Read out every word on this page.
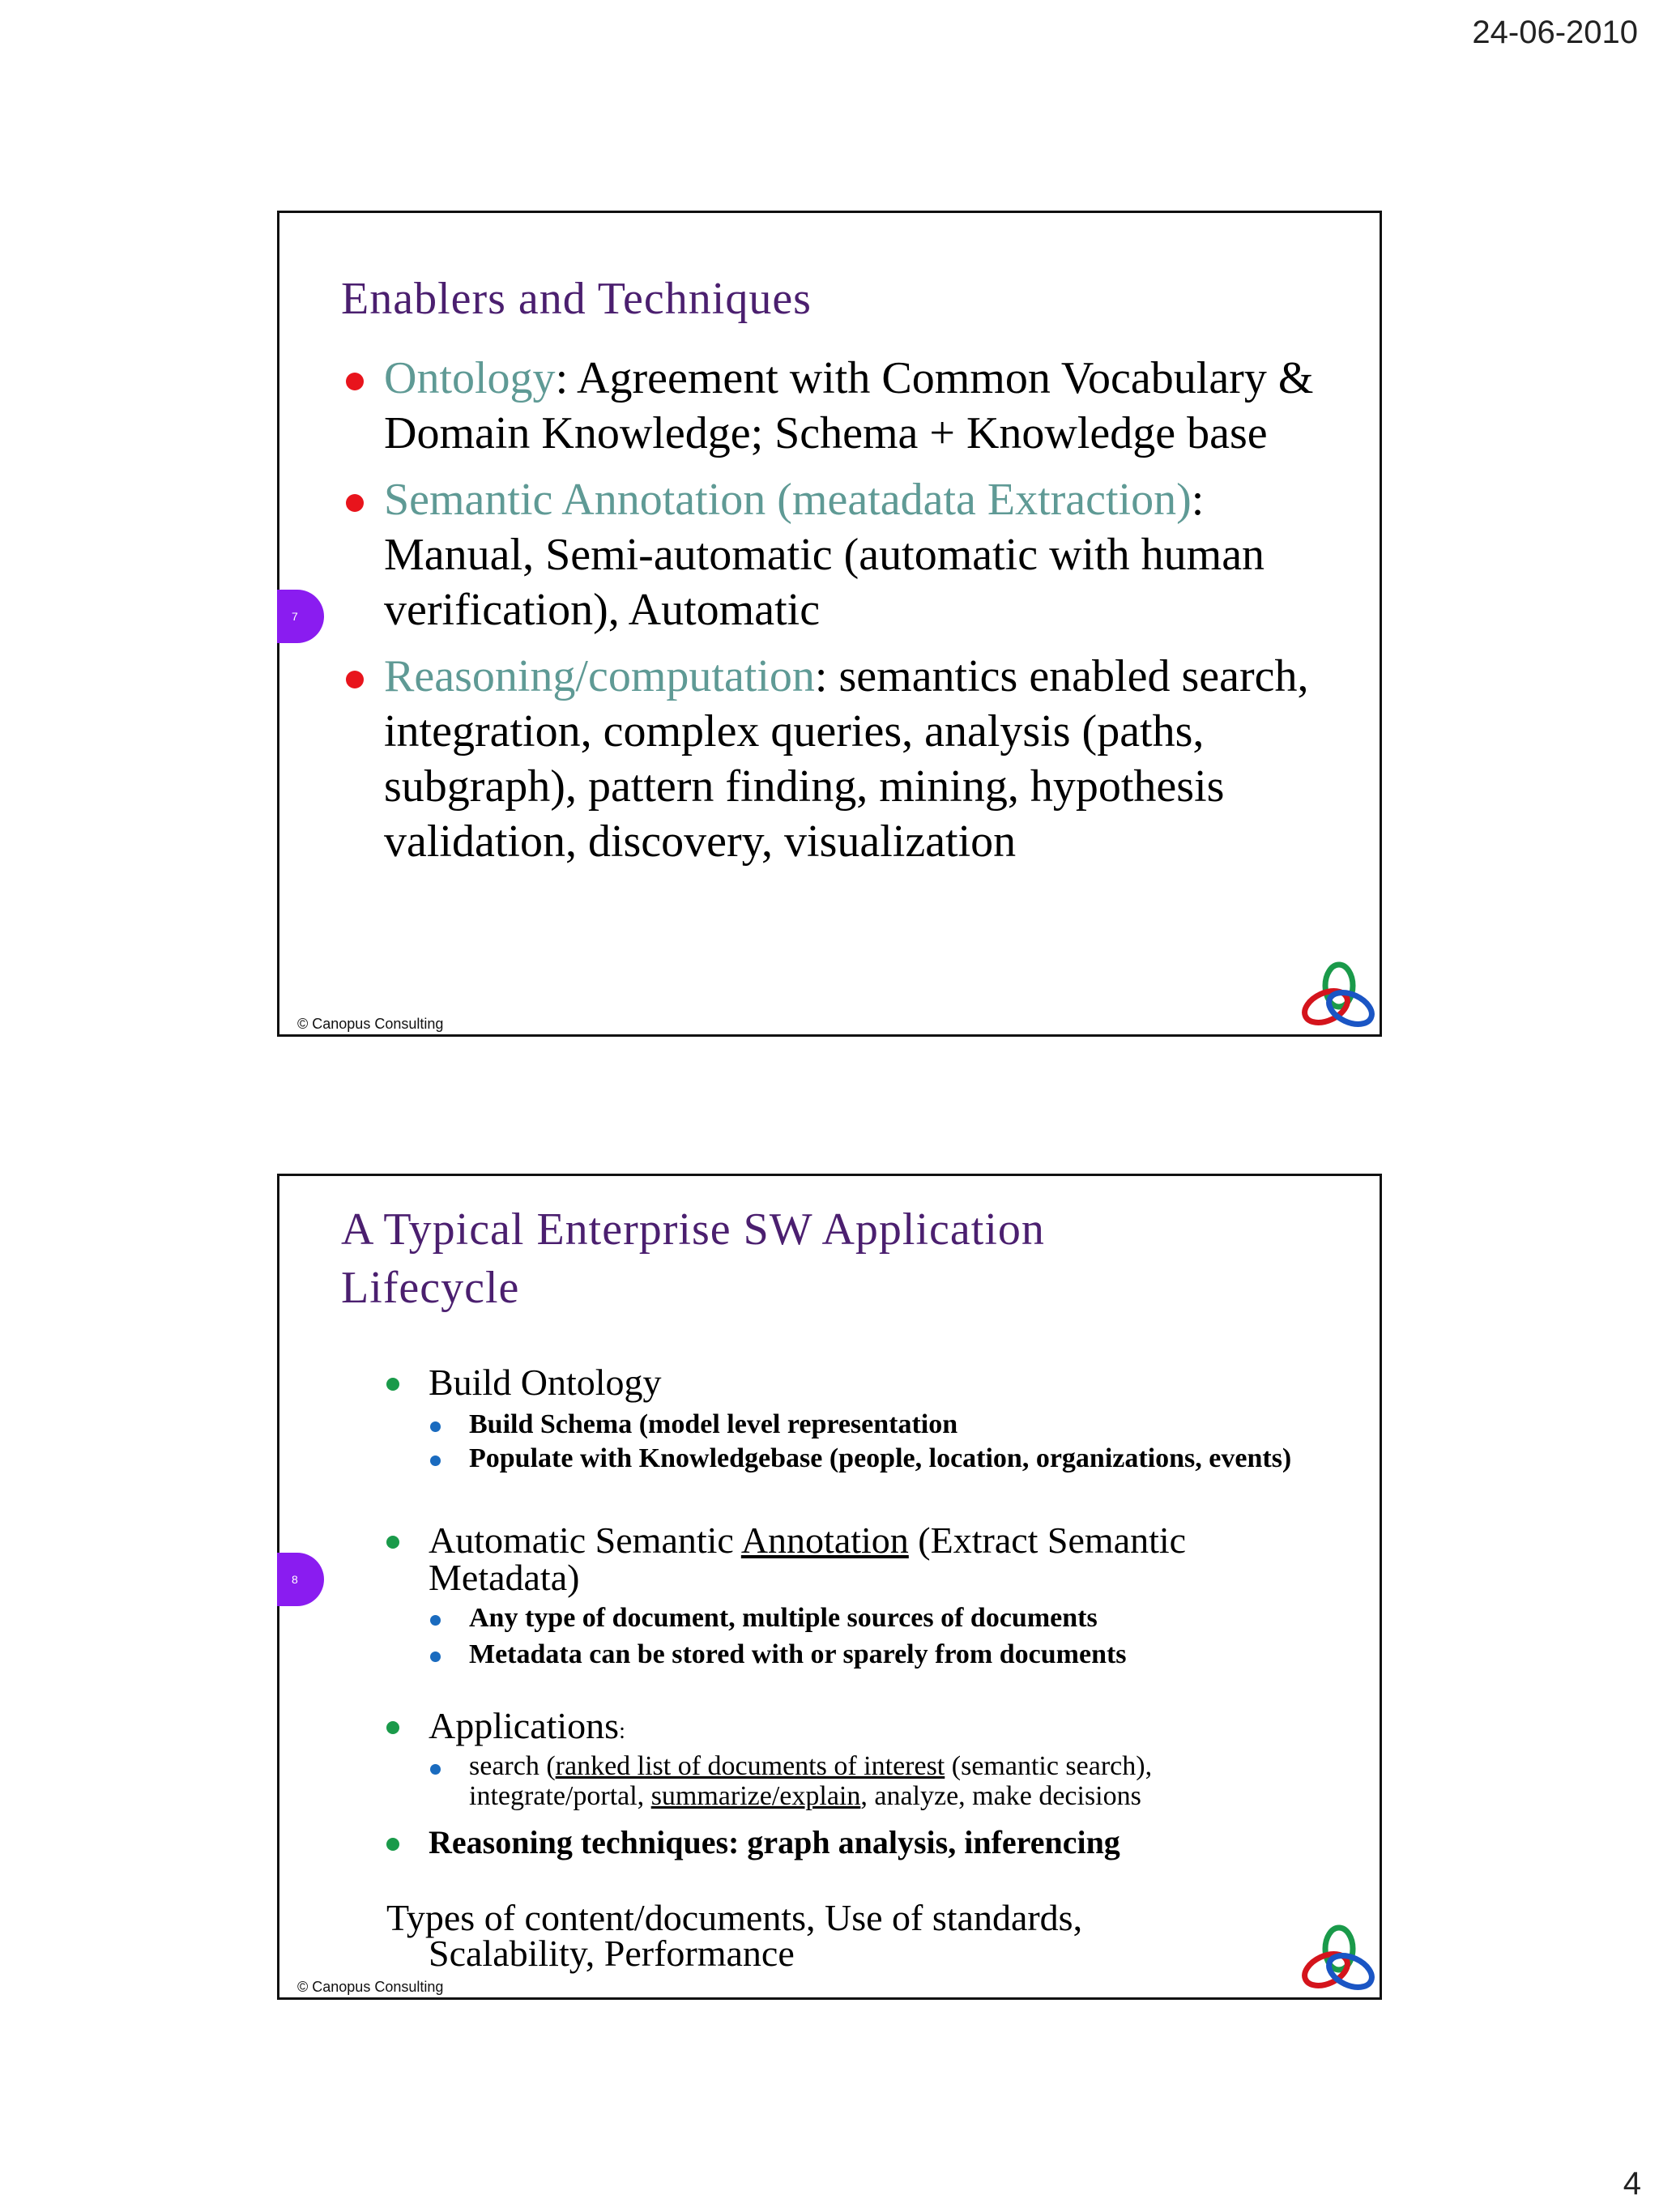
24-06-2010
Enablers and Techniques
Ontology: Agreement with Common Vocabulary & Domain Knowledge; Schema + Knowledge base
Semantic Annotation (meatadata Extraction): Manual, Semi-automatic (automatic with human verification), Automatic
Reasoning/computation: semantics enabled search, integration, complex queries, analysis (paths, subgraph), pattern finding, mining, hypothesis validation, discovery, visualization
7
© Canopus Consulting
A Typical Enterprise SW Application
Lifecycle
Build Ontology
Build Schema (model level representation
Populate with Knowledgebase (people, location, organizations, events)
Automatic Semantic Annotation (Extract Semantic
Metadata)
Any type of document, multiple sources of documents
Metadata can be stored with or sparely from documents
Applications:
search (ranked list of documents of interest (semantic search),
integrate/portal, summarize/explain, analyze, make decisions
Reasoning techniques: graph analysis, inferencing
Types of content/documents, Use of standards,
Scalability, Performance
8
© Canopus Consulting
4
